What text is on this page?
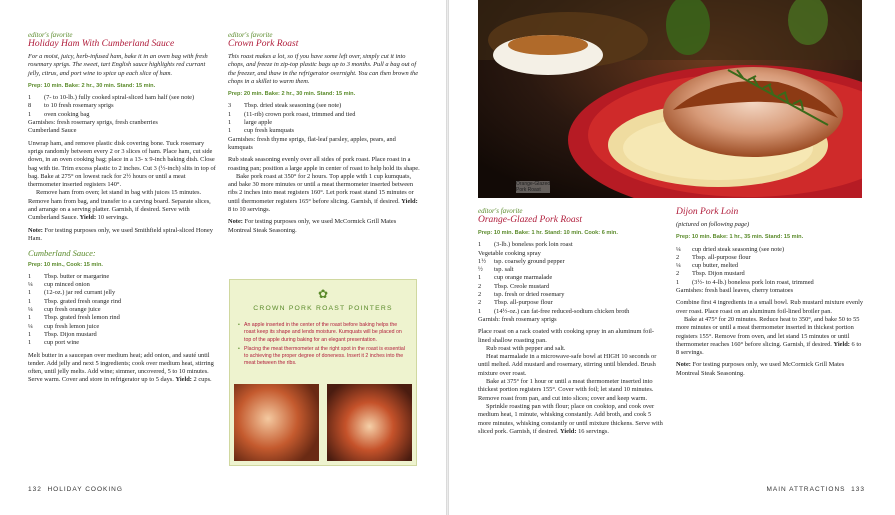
editor's favorite
Holiday Ham With Cumberland Sauce
For a moist, juicy, herb-infused ham, bake it in an oven bag with fresh rosemary sprigs. The sweet, tart English sauce highlights red currant jelly, citrus, and port wine to spice up each slice of ham.
Prep: 10 min. Bake: 2 hr., 30 min. Stand: 15 min.
1	(7- to 10-lb.) fully cooked spiral-sliced ham half (see note)
8	to 10 fresh rosemary sprigs
1	oven cooking bag
Garnishes: fresh rosemary sprigs, fresh cranberries
Cumberland Sauce
Unwrap ham, and remove plastic disk covering bone. Tuck rosemary sprigs randomly between every 2 or 3 slices of ham. Place ham, cut side down, in an oven cooking bag; place in a 13- x 9-inch baking dish. Close bag with tie. Trim excess plastic to 2 inches. Cut 3 (½-inch) slits in top of bag. Bake at 275° on lowest rack for 2½ hours or until a meat thermometer inserted registers 140°.
Remove ham from oven; let stand in bag with juices 15 minutes. Remove ham from bag, and transfer to a carving board. Separate slices, and arrange on a serving platter. Garnish, if desired. Serve with Cumberland Sauce. Yield: 10 servings.
Note: For testing purposes only, we used Smithfield spiral-sliced Honey Ham.
Cumberland Sauce:
Prep: 10 min., Cook: 15 min.
1	Tbsp. butter or margarine
¼	cup minced onion
1	(12-oz.) jar red currant jelly
1	Tbsp. grated fresh orange rind
¼	cup fresh orange juice
1	Tbsp. grated fresh lemon rind
¼	cup fresh lemon juice
1	Tbsp. Dijon mustard
1	cup port wine
Melt butter in a saucepan over medium heat; add onion, and sauté until tender. Add jelly and next 5 ingredients; cook over medium heat, stirring often, until jelly melts. Add wine; simmer, uncovered, 5 to 10 minutes. Serve warm. Cover and store in refrigerator up to 5 days. Yield: 2 cups.
editor's favorite
Crown Pork Roast
This roast makes a lot, so if you have some left over, simply cut it into chops, and freeze in zip-top plastic bags up to 3 months. Pull a bag out of the freezer, and thaw in the refrigerator overnight. You can then brown the chops in a skillet to warm them.
Prep: 20 min. Bake: 2 hr., 30 min. Stand: 15 min.
3	Tbsp. dried steak seasoning (see note)
1	(11-rib) crown pork roast, trimmed and tied
1	large apple
1	cup fresh kumquats
Garnishes: fresh thyme sprigs, flat-leaf parsley, apples, pears, and kumquats
Rub steak seasoning evenly over all sides of pork roast. Place roast in a roasting pan; position a large apple in center of roast to help hold its shape.
Bake pork roast at 350° for 2 hours. Top apple with 1 cup kumquats, and bake 30 more minutes or until a meat thermometer inserted between ribs 2 inches into meat registers 160°. Let pork roast stand 15 minutes or until thermometer registers 165° before slicing. Garnish, if desired. Yield: 8 to 10 servings.
Note: For testing purposes only, we used McCormick Grill Mates Montreal Steak Seasoning.
✿
CROWN PORK ROAST POINTERS
• An apple inserted in the center of the roast before baking helps the roast keep its shape and lends moisture. Kumquats will be placed on top of the apple during baking for an elegant presentation.
• Placing the meat thermometer at the right spot in the roast is essential to achieving the proper degree of doneness. Insert it 2 inches into the meat between the ribs.
132 HOLIDAY COOKING
Orange-Glazed
Pork Roast
editor's favorite
Orange-Glazed Pork Roast
Prep: 10 min. Bake: 1 hr. Stand: 10 min. Cook: 6 min.
1	(3-lb.) boneless pork loin roast
Vegetable cooking spray
1½	tsp. coarsely ground pepper
½	tsp. salt
1	cup orange marmalade
2	Tbsp. Creole mustard
2	tsp. fresh or dried rosemary
2	Tbsp. all-purpose flour
1	(14½-oz.) can fat-free reduced-sodium chicken broth
Garnish: fresh rosemary sprigs
Place roast on a rack coated with cooking spray in an aluminum foil-lined shallow roasting pan.
Rub roast with pepper and salt.
Heat marmalade in a microwave-safe bowl at HIGH 10 seconds or until melted. Add mustard and rosemary, stirring until blended. Brush mixture over roast.
Bake at 375° for 1 hour or until a meat thermometer inserted into thickest portion registers 155°. Cover with foil; let stand 10 minutes. Remove roast from pan, and cut into slices; cover and keep warm.
Sprinkle roasting pan with flour; place on cooktop, and cook over medium heat, 1 minute, whisking constantly. Add broth, and cook 5 more minutes, whisking constantly or until mixture thickens. Serve with sliced pork. Garnish, if desired. Yield: 16 servings.
Dijon Pork Loin
(pictured on following page)
Prep: 10 min. Bake: 1 hr., 35 min. Stand: 15 min.
¼	cup dried steak seasoning (see note)
2	Tbsp. all-purpose flour
¼	cup butter, melted
2	Tbsp. Dijon mustard
1	(3½- to 4-lb.) boneless pork loin roast, trimmed
Garnishes: fresh basil leaves, cherry tomatoes
Combine first 4 ingredients in a small bowl. Rub mustard mixture evenly over roast. Place roast on an aluminum foil-lined broiler pan.
Bake at 475° for 20 minutes. Reduce heat to 350°, and bake 50 to 55 more minutes or until a meat thermometer inserted in thickest portion registers 155°. Remove from oven, and let stand 15 minutes or until thermometer reaches 160° before slicing. Garnish, if desired. Yield: 6 to 8 servings.
Note: For testing purposes only, we used McCormick Grill Mates Montreal Steak Seasoning.
MAIN ATTRACTIONS 133
